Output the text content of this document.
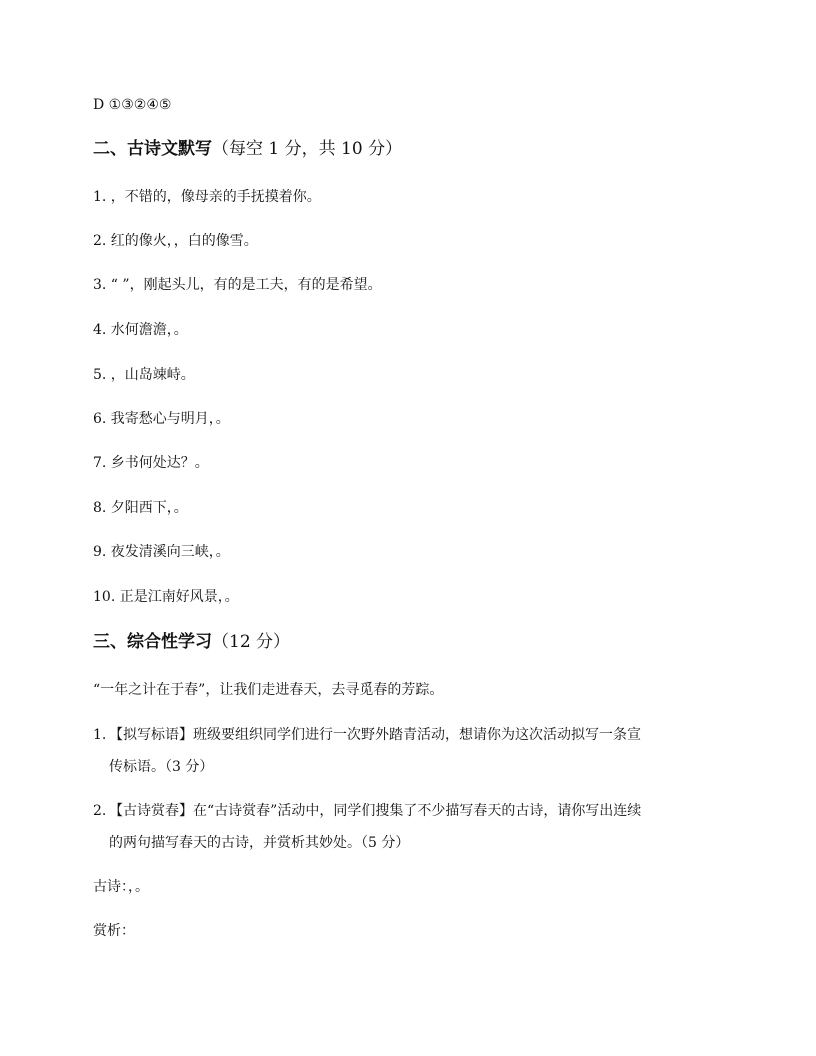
D ①③②④⑤
二、古诗文默写（每空 1 分，共 10 分）
1. ，不错的，像母亲的手抚摸着你。
2. 红的像火，，白的像雪。
3. “ ”，刚起头儿，有的是工夫，有的是希望。
4. 水何澹澹，。
5. ，山岛竦峙。
6. 我寄愁心与明月，。
7. 乡书何处达？。
8. 夕阳西下，。
9. 夜发清溪向三峡，。
10. 正是江南好风景，。
三、综合性学习（12 分）
“一年之计在于春”，让我们走进春天，去寻觅春的芳踪。
1. 【拟写标语】班级要组织同学们进行一次野外踏青活动，想请你为这次活动拟写一条宣
传标语。（3 分）
2. 【古诗赏春】在“古诗赏春”活动中，同学们搜集了不少描写春天的古诗，请你写出连续
的两句描写春天的古诗，并赏析其妙处。（5 分）
古诗：，。
赏析：
